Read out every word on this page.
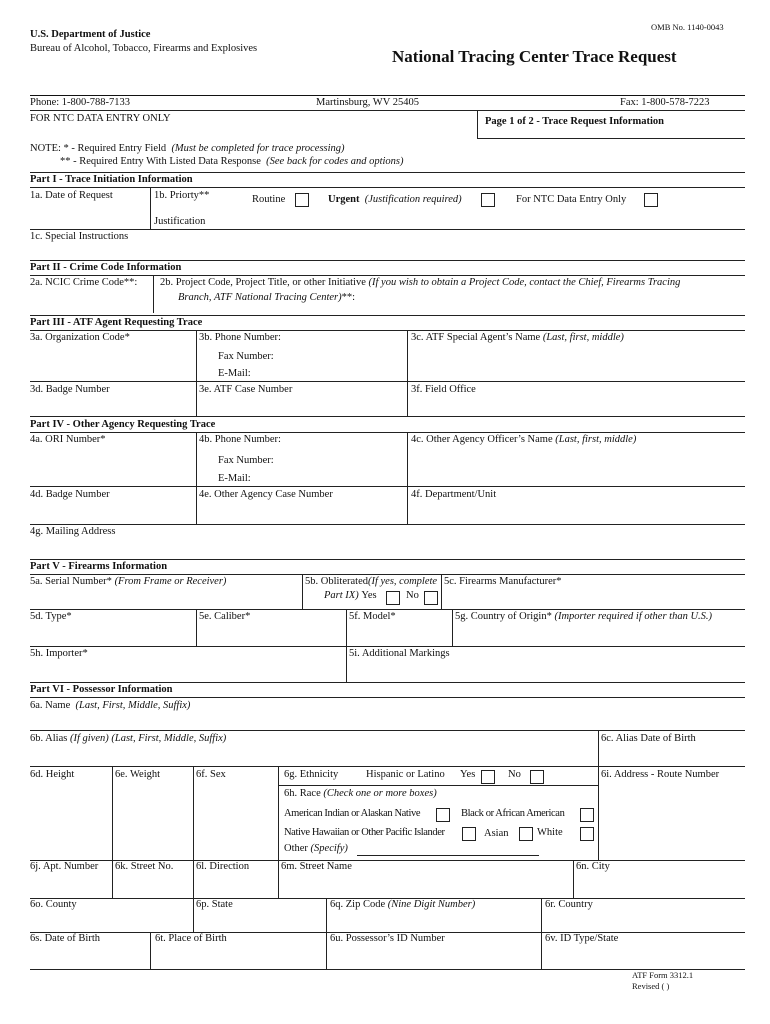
OMB No. 1140-0043
U.S. Department of Justice
Bureau of Alcohol, Tobacco, Firearms and Explosives	National Tracing Center Trace Request
Phone: 1-800-788-7133	Martinsburg, WV 25405	Fax: 1-800-578-7223
FOR NTC DATA ENTRY ONLY	Page 1 of 2 - Trace Request Information
NOTE: * - Required Entry Field (Must be completed for trace processing)
** - Required Entry With Listed Data Response (See back for codes and options)
Part I - Trace Initiation Information
1a. Date of Request	1b. Priorty**	Routine	Urgent (Justification required)	For NTC Data Entry Only
Justification
1c. Special Instructions
Part II - Crime Code Information
2a. NCIC Crime Code**: 2b. Project Code, Project Title, or other Initiative (If you wish to obtain a Project Code, contact the Chief, Firearms Tracing
Branch, ATF National Tracing Center)**:
Part III - ATF Agent Requesting Trace
3a. Organization Code*	3b. Phone Number:	3c. ATF Special Agent’s Name (Last, first, middle)
Fax Number:
E-Mail:
3d. Badge Number	3e. ATF Case Number	3f. Field Office
Part IV - Other Agency Requesting Trace
4a. ORI Number*	4b. Phone Number:	4c. Other Agency Officer’s Name (Last, first, middle)
Fax Number:
E-Mail:
4d. Badge Number	4e. Other Agency Case Number	4f. Department/Unit
4g. Mailing Address
Part V - Firearms Information
5a. Serial Number* (From Frame or Receiver)	5b. Obliterated(If yes, complete
Part IX) Yes	No
5c. Firearms Manufacturer*
5d. Type*	5e. Caliber*	5f. Model*	5g. Country of Origin* (Importer required if other than U.S.)
5h. Importer*	5i. Additional Markings
Part VI - Possessor Information
6a. Name (Last, First, Middle, Suffix)
6b. Alias (If given) (Last, First, Middle, Suffix)	6c. Alias Date of Birth
6d. Height	6e. Weight	6f. Sex	6g. Ethnicity	Hispanic or Latino Yes	No	6i. Address - Route Number
6h. Race (Check one or more boxes)
American Indian or Alaskan Native	Black or African American
Native Hawaiian or Other Pacific Islander	Asian	White
Other (Specify)
6j. Apt. Number 6k. Street No. 6l. Direction	6m. Street Name	6n. City
6o. County	6p. State	6q. Zip Code (Nine Digit Number)	6r. Country
6s. Date of Birth	6t. Place of Birth	6u. Possessor’s ID Number	6v. ID Type/State
ATF Form 3312.1
Revised ( )
